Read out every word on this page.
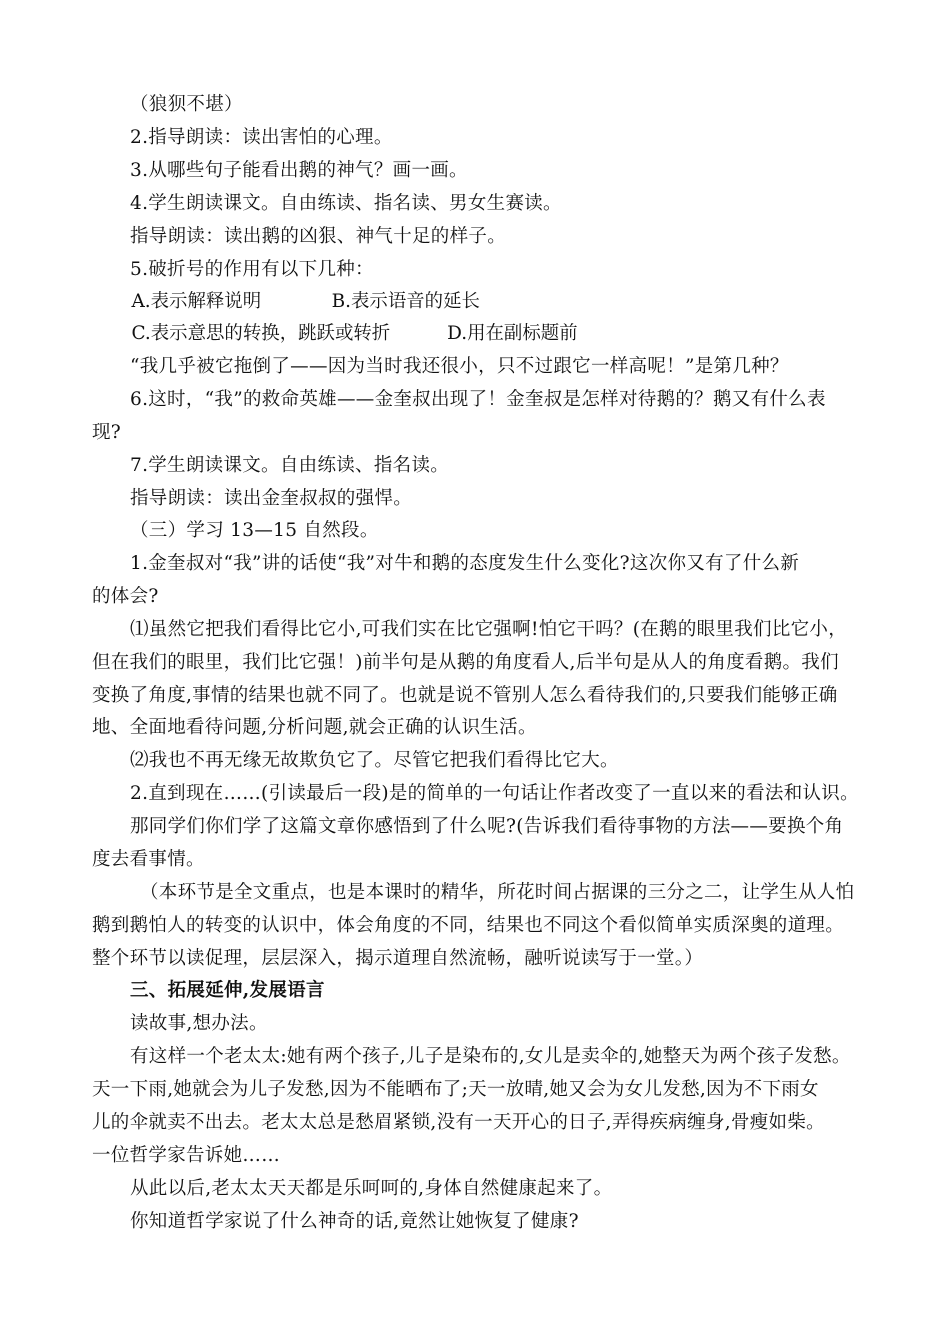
（狼狈不堪）
2.指导朗读：读出害怕的心理。
3.从哪些句子能看出鹅的神气？画一画。
4.学生朗读课文。自由练读、指名读、男女生赛读。
指导朗读：读出鹅的凶狠、神气十足的样子。
5.破折号的作用有以下几种：
A.表示解释说明	B.表示语音的延长
C.表示意思的转换，跳跃或转折	D.用在副标题前
“我几乎被它拖倒了——因为当时我还很小，只不过跟它一样高呢！”是第几种？
6.这时，“我”的救命英雄——金奎叔出现了！金奎叔是怎样对待鹅的？鹅又有什么表
现?
7.学生朗读课文。自由练读、指名读。
指导朗读：读出金奎叔叔的强悍。
（三）学习 13—15 自然段。
1.金奎叔对“我”讲的话使“我”对牛和鹅的态度发生什么变化?这次你又有了什么新
的体会?
⑴虽然它把我们看得比它小,可我们实在比它强啊!怕它干吗？(在鹅的眼里我们比它小，
但在我们的眼里，我们比它强！)前半句是从鹅的角度看人,后半句是从人的角度看鹅。我们
变换了角度,事情的结果也就不同了。也就是说不管别人怎么看待我们的,只要我们能够正确
地、全面地看待问题,分析问题,就会正确的认识生活。
⑵我也不再无缘无故欺负它了。尽管它把我们看得比它大。
2.直到现在……(引读最后一段)是的简单的一句话让作者改变了一直以来的看法和认识。
那同学们你们学了这篇文章你感悟到了什么呢?(告诉我们看待事物的方法——要换个角
度去看事情。
（本环节是全文重点，也是本课时的精华，所花时间占据课的三分之二，让学生从人怕
鹅到鹅怕人的转变的认识中，体会角度的不同，结果也不同这个看似简单实质深奥的道理。
整个环节以读促理，层层深入，揭示道理自然流畅，融听说读写于一堂。）
三、拓展延伸,发展语言
读故事,想办法。
有这样一个老太太:她有两个孩子,儿子是染布的,女儿是卖伞的,她整天为两个孩子发愁。
天一下雨,她就会为儿子发愁,因为不能晒布了;天一放晴,她又会为女儿发愁,因为不下雨女
儿的伞就卖不出去。老太太总是愁眉紧锁,没有一天开心的日子,弄得疾病缠身,骨瘦如柴。
一位哲学家告诉她……
从此以后,老太太天天都是乐呵呵的,身体自然健康起来了。
你知道哲学家说了什么神奇的话,竟然让她恢复了健康?
